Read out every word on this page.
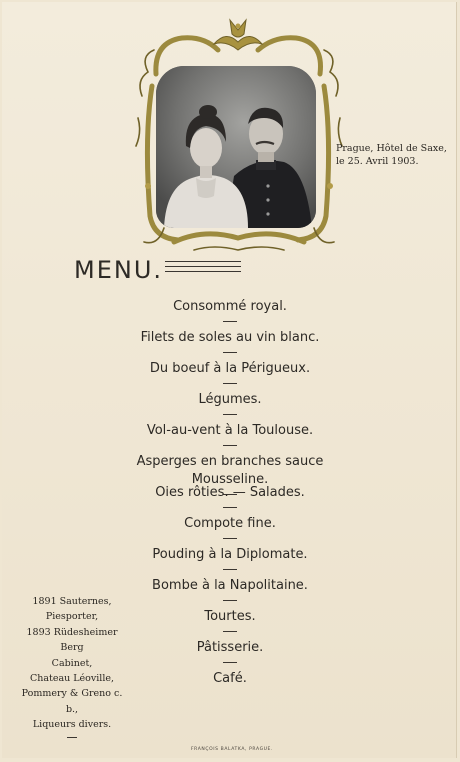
Prague, Hôtel de Saxe,
le 25. Avril 1903.
MENU.
Consommé royal.
Filets de soles au vin blanc.
Du boeuf à la Périgueux.
Légumes.
Vol-au-vent à la Toulouse.
Asperges en branches sauce Mousseline.
Oies rôties. — Salades.
Compote fine.
Pouding à la Diplomate.
Bombe à la Napolitaine.
Tourtes.
Pâtisserie.
Café.
1891 Sauternes,
Piesporter,
1893 Rüdesheimer Berg
Cabinet,
Chateau Léoville,
Pommery & Greno c. b.,
Liqueurs divers.
FRANÇOIS BALATKA, PRAGUE.
